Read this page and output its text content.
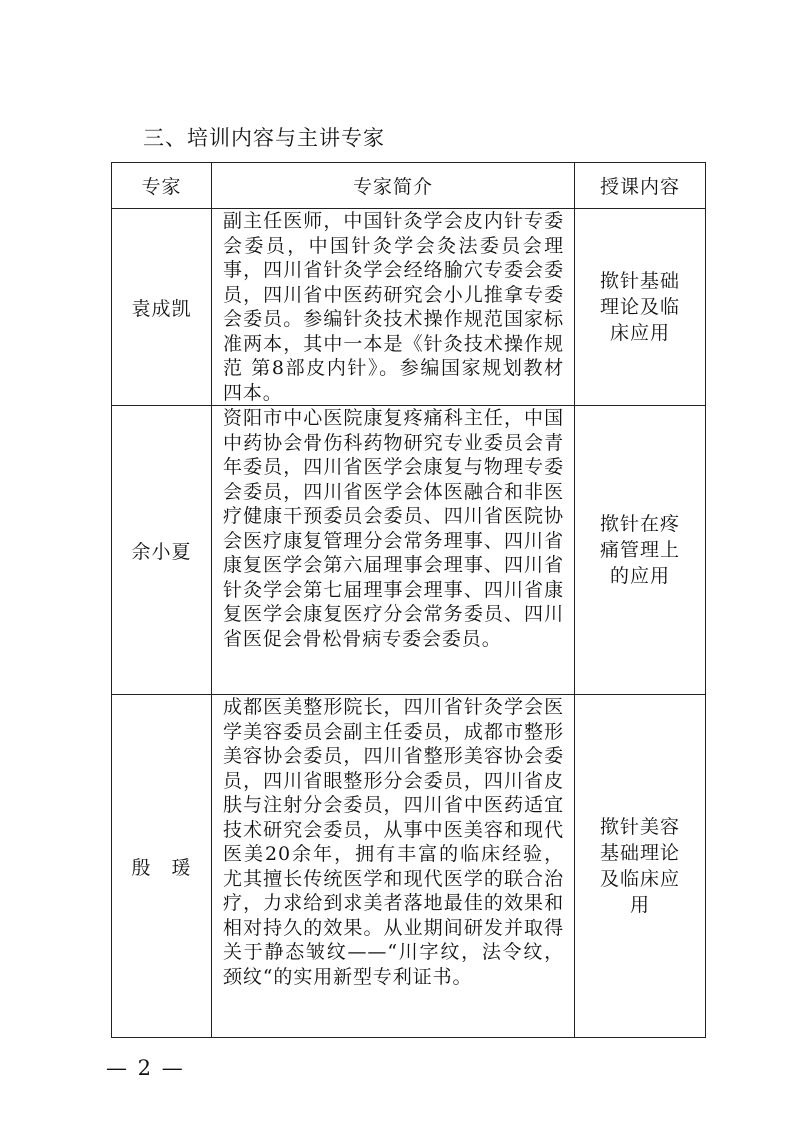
三、培训内容与主讲专家
专家	专家简介	授课内容
袁成凯	副主任医师，中国针灸学会皮内针专委会委员，中国针灸学会灸法委员会理事，四川省针灸学会经络腧穴专委会委员，四川省中医药研究会小儿推拿专委会委员。参编针灸技术操作规范国家标准两本，其中一本是《针灸技术操作规范 第8部皮内针》。参编国家规划教材四本。	揿针基础理论及临床应用
余小夏	资阳市中心医院康复疼痛科主任，中国中药协会骨伤科药物研究专业委员会青年委员，四川省医学会康复与物理专委会委员，四川省医学会体医融合和非医疗健康干预委员会委员、四川省医院协会医疗康复管理分会常务理事、四川省康复医学会第六届理事会理事、四川省针灸学会第七届理事会理事、四川省康复医学会康复医疗分会常务委员、四川省医促会骨松骨病专委会委员。	揿针在疼痛管理上的应用
殷　瑗	成都医美整形院长，四川省针灸学会医学美容委员会副主任委员，成都市整形美容协会委员，四川省整形美容协会委员，四川省眼整形分会委员，四川省皮肤与注射分会委员，四川省中医药适宜技术研究会委员，从事中医美容和现代医美20余年，拥有丰富的临床经验，尤其擅长传统医学和现代医学的联合治疗，力求给到求美者落地最佳的效果和相对持久的效果。从业期间研发并取得关于静态皱纹——“川字纹，法令纹，颈纹“的实用新型专利证书。	揿针美容基础理论及临床应用
— 2 —
